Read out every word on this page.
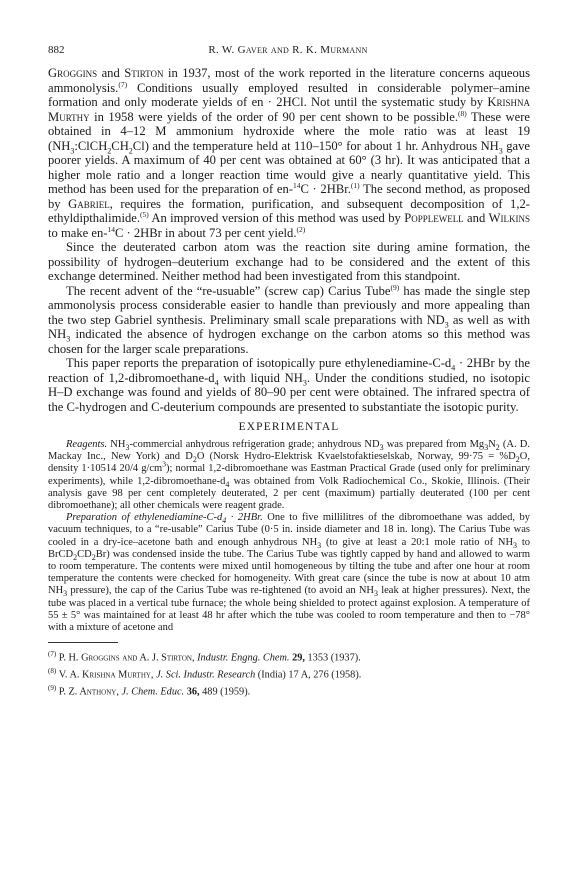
882	R. W. Gaver and R. K. Murmann

Groggins and Stirton in 1937, most of the work reported in the literature concerns aqueous ammonolysis.$^{(7)}$ Conditions usually employed resulted in considerable polymer–amine formation and only moderate yields of en · 2HCl. Not until the systematic study by Krishna Murthy in 1958 were yields of the order of 90 per cent shown to be possible.$^{(8)}$ These were obtained in 4–12 M ammonium hydroxide where the mole ratio was at least 19 $(NH_3:ClCH_2CH_2Cl)$ and the temperature held at 110–150° for about 1 hr. Anhydrous $NH_3$ gave poorer yields. A maximum of 40 per cent was obtained at 60° (3 hr). It was anticipated that a higher mole ratio and a longer reaction time would give a nearly quantitative yield. This method has been used for the preparation of en-$^{14}$C · 2HBr.$^{(1)}$ The second method, as proposed by Gabriel, requires the formation, purification, and subsequent decomposition of 1,2-ethyldipthalimide.$^{(5)}$ An improved version of this method was used by Popplewell and Wilkins to make en-$^{14}$C · 2HBr in about 73 per cent yield.$^{(2)}$

Since the deuterated carbon atom was the reaction site during amine formation, the possibility of hydrogen–deuterium exchange had to be considered and the extent of this exchange determined. Neither method had been investigated from this standpoint.

The recent advent of the “re-usuable” (screw cap) Carius Tube$^{(9)}$ has made the single step ammonolysis process considerable easier to handle than previously and more appealing than the two step Gabriel synthesis. Preliminary small scale preparations with $ND_3$ as well as with $NH_3$ indicated the absence of hydrogen exchange on the carbon atoms so this method was chosen for the larger scale preparations.

This paper reports the preparation of isotopically pure ethylenediamine-$C-d_4 \cdot 2HBr$ by the reaction of $1,2-dibromoethane-d_4$ with liquid $NH_3$. Under the conditions studied, no isotopic H–D exchange was found and yields of 80–90 per cent were obtained. The infrared spectra of the C-hydrogen and C-deuterium compounds are presented to substantiate the isotopic purity.

EXPERIMENTAL

Reagents. $NH_3$-commercial anhydrous refrigeration grade; anhydrous $ND_3$ was prepared from $Mg_3N_2$ (A. D. Mackay Inc., New York) and $D_2O$ (Norsk Hydro-Elektrisk Kvaelstofaktieselskab, Norway, $99\cdot 75 = \%D_2O$, density 1·10514 20/4 $g/cm^3$); normal 1,2-dibromoethane was Eastman Practical Grade (used only for preliminary experiments), while $1,2-dibromoethane-d_4$ was obtained from Volk Radiochemical Co., Skokie, Illinois. (Their analysis gave 98 per cent completely deuterated, 2 per cent (maximum) partially deuterated (100 per cent dibromoethane); all other chemicals were reagent grade.

Preparation of ethylenediamine-$C-d_4 \cdot 2HBr$. One to five millilitres of the dibromoethane was added, by vacuum techniques, to a “re-usable” Carius Tube (0·5 in. inside diameter and 18 in. long). The Carius Tube was cooled in a dry-ice–acetone bath and enough anhydrous $NH_3$ (to give at least a 20:1 mole ratio of $NH_3$ to $BrCD_2CD_2Br$) was condensed inside the tube. The Carius Tube was tightly capped by hand and allowed to warm to room temperature. The contents were mixed until homogeneous by tilting the tube and after one hour at room temperature the contents were checked for homogeneity. With great care (since the tube is now at about 10 atm $NH_3$ pressure), the cap of the Carius Tube was re-tightened (to avoid an $NH_3$ leak at higher pressures). Next, the tube was placed in a vertical tube furnace; the whole being shielded to protect against explosion. A temperature of 55 ± 5° was maintained for at least 48 hr after which the tube was cooled to room temperature and then to −78° with a mixture of acetone and

$^{(7)}$ P. H. Groggins and A. J. Stirton, Industr. Engng. Chem. 29, 1353 (1937).

$^{(8)}$ V. A. Krishna Murthy, J. Sci. Industr. Research (India) 17 A, 276 (1958).

$^{(9)}$ P. Z. Anthony, J. Chem. Educ. 36, 489 (1959).
